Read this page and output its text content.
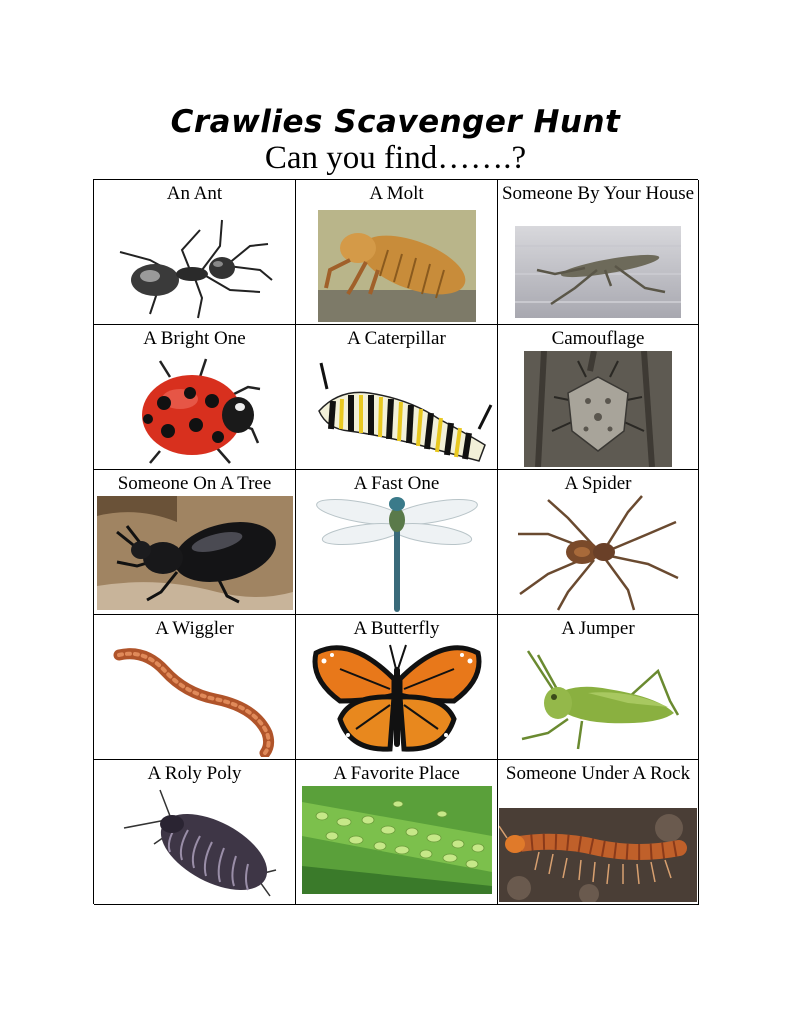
Crawlies Scavenger Hunt
Can you find…….?
An Ant	A Molt	Someone By Your House
A Bright One	A Caterpillar	Camouflage
Someone On A Tree	A Fast One	A Spider
A Wiggler	A Butterfly	A Jumper
A Roly Poly	A Favorite Place	Someone Under A Rock
